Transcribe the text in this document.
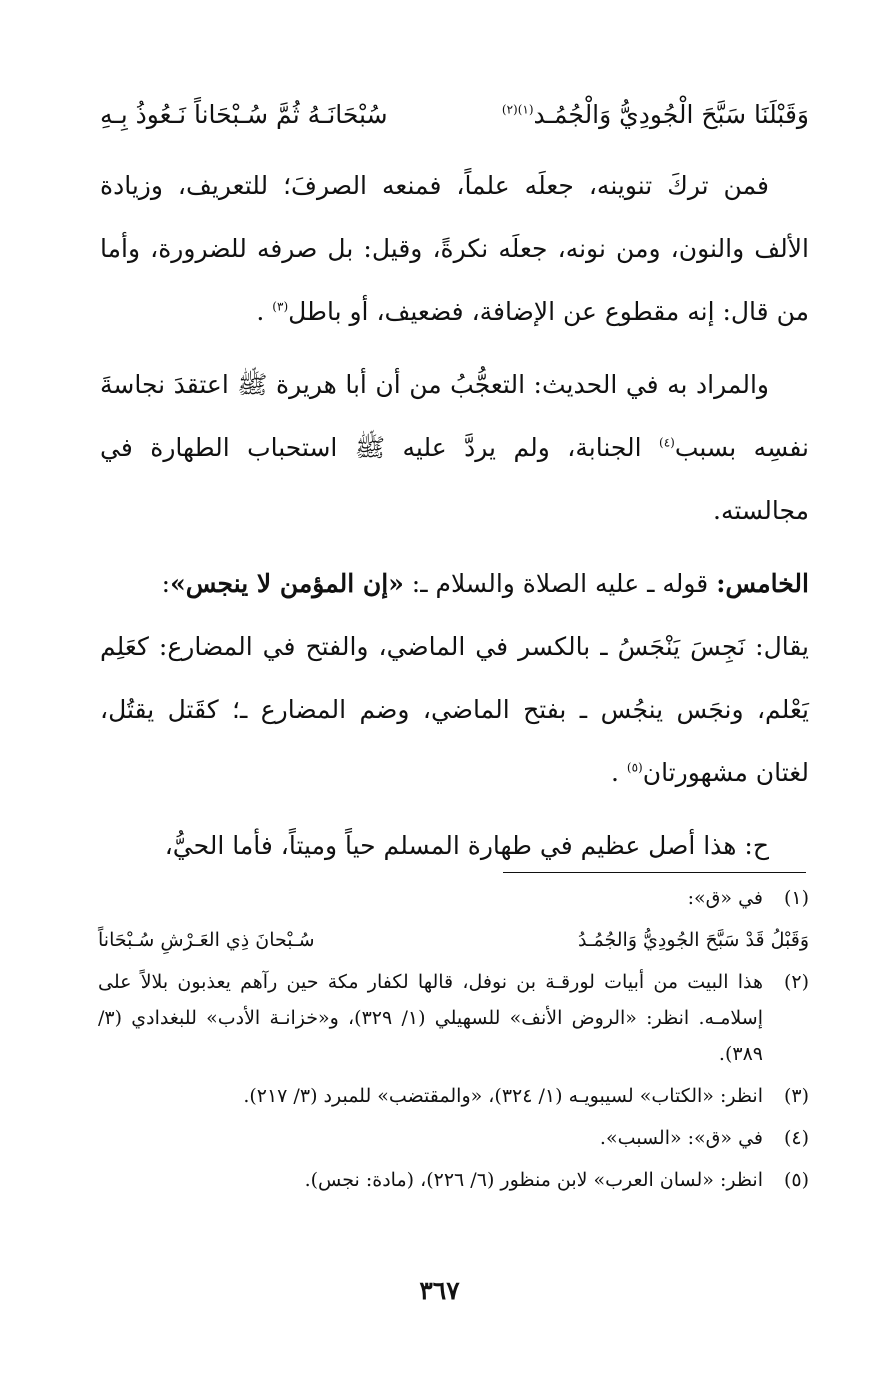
وَقَبْلَنَا سَبَّحَ الْجُودِيُّ وَالْجُمُـد$^{(١)(٢)}$
سُبْحَانَـهُ ثُمَّ سُـبْحَاناً نَـعُوذُ بِـهِ

فمن تركَ تنوينه، جعلَه علماً، فمنعه الصرفَ؛ للتعريف، وزيادة الألف والنون، ومن نونه، جعلَه نكرةً، وقيل: بل صرفه للضرورة، وأما من قال: إنه مقطوع عن الإضافة، فضعيف، أو باطل$^{(٣)}$ .

والمراد به في الحديث: التعجُّبُ من أن أبا هريرة ﷺ اعتقدَ نجاسةَ نفسِه بسبب$^{(٤)}$ الجنابة، ولم يردَّ عليه ﷺ استحباب الطهارة في مجالسته.

الخامس: قوله ـ عليه الصلاة والسلام ـ: «إن المؤمن لا ينجس»:

يقال: نَجِسَ يَنْجَسُ ـ بالكسر في الماضي، والفتح في المضارع: كعَلِم يَعْلم، ونجَس ينجُس ـ بفتح الماضي، وضم المضارع ـ؛ كقَتل يقتُل، لغتان مشهورتان$^{(٥)}$ .

ح: هذا أصل عظيم في طهارة المسلم حياً وميتاً، فأما الحيُّ،

(١)
في «ق»:
وَقَبْلُ قَدْ سَبَّحَ الجُودِيُّ وَالجُمُـدُ
سُـبْحانَ ذِي العَـرْشِ سُـبْحَاناً
(٢)
هذا البيت من أبيات لورقـة بن نوفل، قالها لكفار مكة حين رآهم يعذبون بلالاً على إسلامـه. انظر: «الروض الأنف» للسهيلي (١/ ٣٢٩)، و«خزانـة الأدب» للبغدادي (٣/ ٣٨٩).
(٣)
انظر: «الكتاب» لسيبويـه (١/ ٣٢٤)، «والمقتضب» للمبرد (٣/ ٢١٧).
(٤)
في «ق»: «السبب».
(٥)
انظر: «لسان العرب» لابن منظور (٦/ ٢٢٦)، (مادة: نجس).
٣٦٧
